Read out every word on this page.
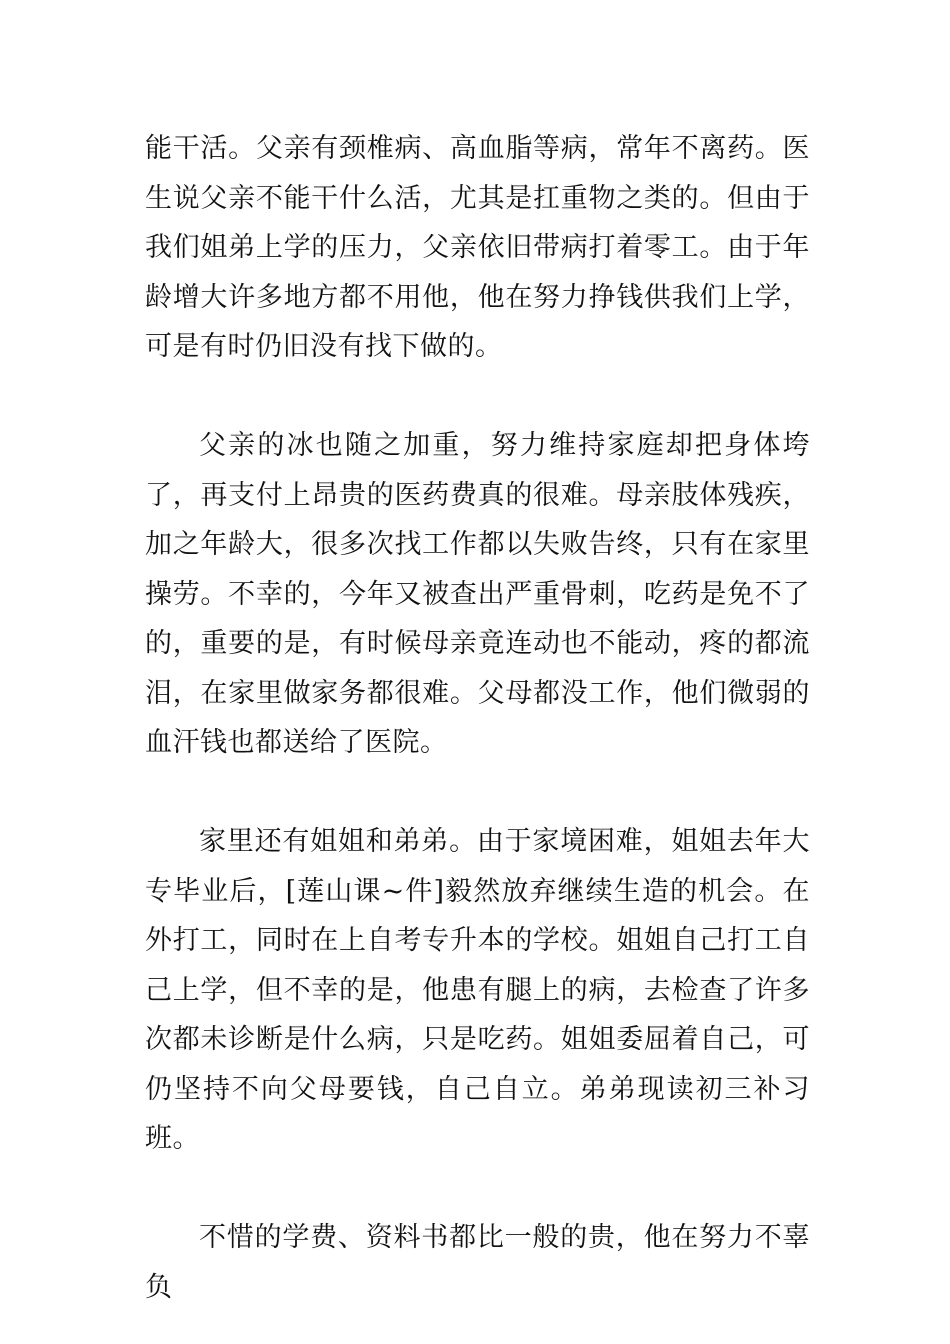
能干活。父亲有颈椎病、高血脂等病，常年不离药。医生说父亲不能干什么活，尤其是扛重物之类的。但由于我们姐弟上学的压力，父亲依旧带病打着零工。由于年龄增大许多地方都不用他，他在努力挣钱供我们上学，可是有时仍旧没有找下做的。

父亲的冰也随之加重，努力维持家庭却把身体垮了，再支付上昂贵的医药费真的很难。母亲肢体残疾，加之年龄大，很多次找工作都以失败告终，只有在家里操劳。不幸的，今年又被查出严重骨刺，吃药是免不了的，重要的是，有时候母亲竟连动也不能动，疼的都流泪，在家里做家务都很难。父母都没工作，他们微弱的血汗钱也都送给了医院。

家里还有姐姐和弟弟。由于家境困难，姐姐去年大专毕业后，[莲山课~件]毅然放弃继续生造的机会。在外打工，同时在上自考专升本的学校。姐姐自己打工自己上学，但不幸的是，他患有腿上的病，去检查了许多次都未诊断是什么病，只是吃药。姐姐委屈着自己，可仍坚持不向父母要钱，自己自立。弟弟现读初三补习班。

不惜的学费、资料书都比一般的贵，他在努力不辜负
